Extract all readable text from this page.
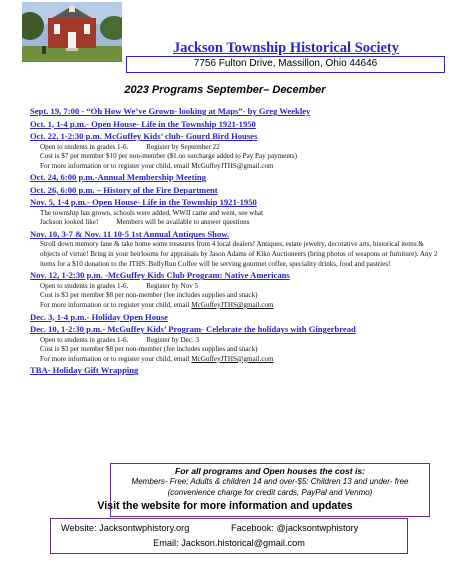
Jackson Township Historical Society
7756 Fulton Drive, Massillon, Ohio 44646
2023 Programs September– December
Sept. 19, 7:00 - “Oh How We’ve Grown- looking at Maps”- by Greg Weekley
Oct. 1, 1-4 p.m.- Open House- Life in the Township 1921-1950
Oct. 22, 1-2:30 p.m. McGuffey Kids’ club- Gourd Bird Houses
Open to students in grades 1-6.	Register by September 22
Cost is $7 per member $10 per non-member ($1.oo surcharge added to Pay Pay payments)
For more information or to register your child, email McGuffeyJTHS@gmail.com
Oct. 24, 6:00 p.m.-Annual Membership Meeting
Oct. 26, 6:00 p.m. – History of the Fire Department
Nov. 5, 1-4 p.m.- Open House- Life in the Township 1921-1950
The township has grown, schools were added, WWII came and went, see what
Jackson looked like!	Members will be available to answer questions
Nov. 10, 3-7 & Nov. 11 10-5 1st Annual Antiques Show.
Stroll down memory lane & take home some treasures from 4 local dealers! Antiques, estate jewelry, decorative arts, historical items & objects of virtue! Bring in your heirlooms for appraisals by Jason Adams of Kiko Auctioneers (bring photos of weapons or furniture). Any 2 items for a $10 donation to the JTHS. BullyRun Coffee will be serving gourmet coffee, speciality drinks, food and pastries!
Nov. 12, 1-2:30 p.m. -McGuffey Kids Club Program: Native Americans
Open to students in grades 1-6.	Register by Nov 5
Cost is $3 per member $8 per non-member (fee includes supplies and snack)
For more information or to register your child, email McGuffeyJTHS@gmail.com
Dec. 3, 1-4 p.m.- Holiday Open House
Dec. 10, 1-2:30 p.m.- McGuffey Kids’ Program- Celebrate the holidays with Gingerbread
Open to students in grades 1-6.	Register by Dec. 3
Cost is $3 per member $8 per non-member (fee includes supplies and snack)
For more information or to register your child, email McGuffeyJTHS@gmail.com
TBA- Holiday Gift Wrapping
For all programs and Open houses the cost is:
Members- Free; Adults & children 14 and over-$5: Children 13 and under- free
(convenience charge for credit cards, PayPal and Venmo)
Visit the website for more information and updates
Website: Jacksontwphistory.org	Facebook: @jacksontwphistory
Email: Jackson.historical@gmail.com
